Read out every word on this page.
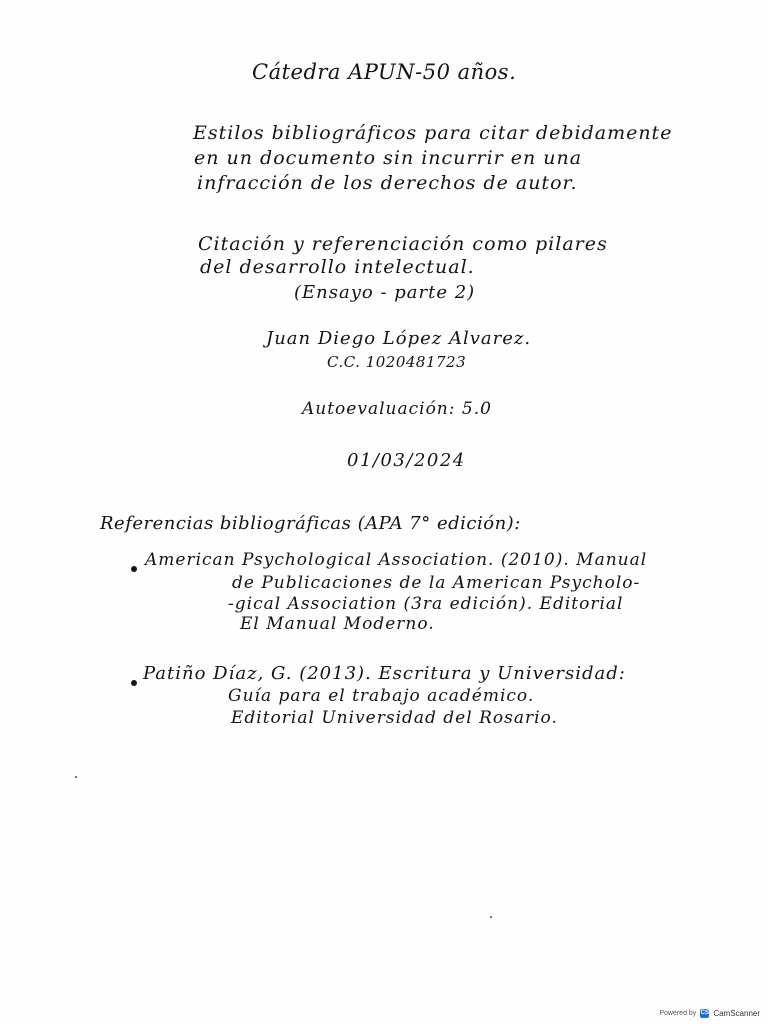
Cátedra APUN-50 años.
Estilos bibliográficos para citar debidamente
en un documento sin incurrir en una
infracción de los derechos de autor.
Citación y referenciación como pilares
del desarrollo intelectual.
(Ensayo - parte 2)
Juan Diego López Alvarez.
C.C. 1020481723
Autoevaluación: 5.0
01/03/2024
Referencias bibliográficas (APA 7° edición):
American Psychological Association. (2010). Manual
de Publicaciones de la American Psycholo-
-gical Association (3ra edición). Editorial
El Manual Moderno.
Patiño Díaz, G. (2013). Escritura y Universidad:
Guía para el trabajo académico.
Editorial Universidad del Rosario.
Powered by CS CamScanner
